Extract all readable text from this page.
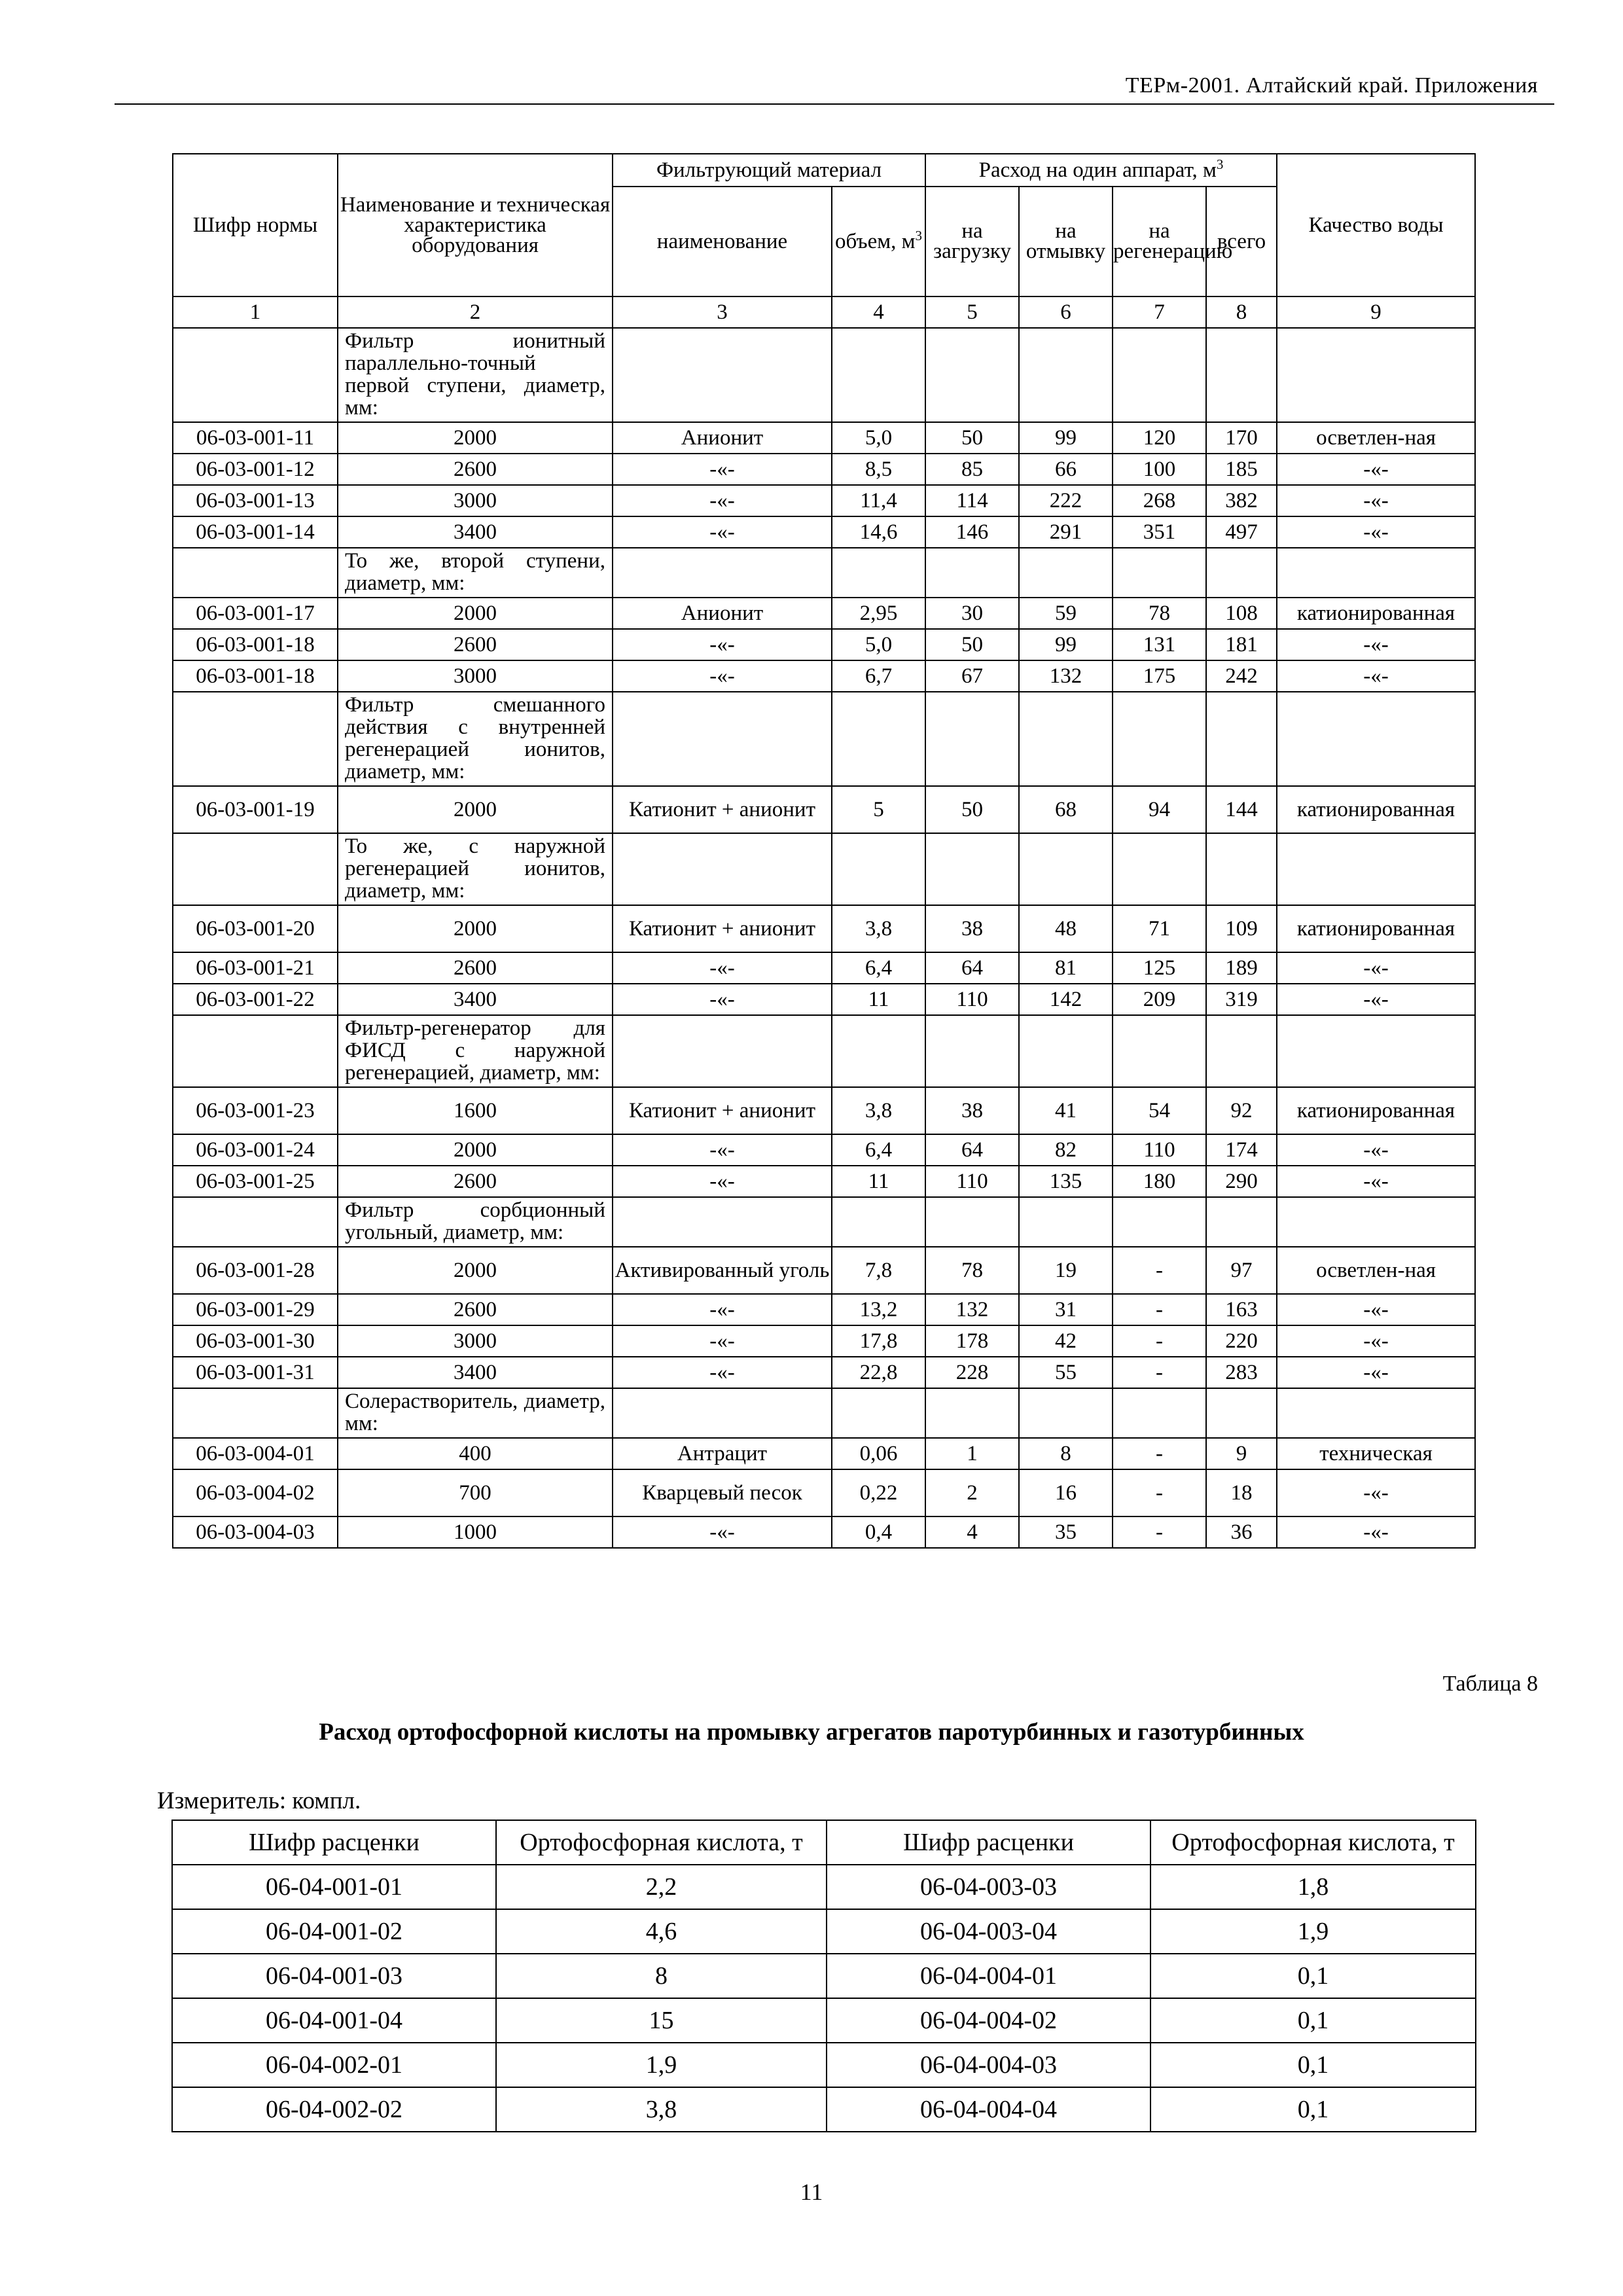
ТЕРм-2001. Алтайский край. Приложения
Шифр нормы	Наименование и техническая характеристика оборудования	Фильтрующий материал		Расход на один аппарат, $м^3$				Качество воды
		наименование	объем, $м^3$	на загрузку	на отмывку	на регенерацию	всего	
1	2	3	4	5	6	7	8	9
	Фильтр ионитный параллельно-точный первой ступени, диаметр, мм:							
06-03-001-11	2000	Анионит	5,0	50	99	120	170	осветлен-ная
06-03-001-12	2600	-«-	8,5	85	66	100	185	-«-
06-03-001-13	3000	-«-	11,4	114	222	268	382	-«-
06-03-001-14	3400	-«-	14,6	146	291	351	497	-«-
	То же, второй ступени, диаметр, мм:							
06-03-001-17	2000	Анионит	2,95	30	59	78	108	катионированная
06-03-001-18	2600	-«-	5,0	50	99	131	181	-«-
06-03-001-18	3000	-«-	6,7	67	132	175	242	-«-
	Фильтр смешанного действия с внутренней регенерацией ионитов, диаметр, мм:							
06-03-001-19	2000	Катионит + анионит	5	50	68	94	144	катионированная
	То же, с наружной регенерацией ионитов, диаметр, мм:							
06-03-001-20	2000	Катионит + анионит	3,8	38	48	71	109	катионированная
06-03-001-21	2600	-«-	6,4	64	81	125	189	-«-
06-03-001-22	3400	-«-	11	110	142	209	319	-«-
	Фильтр-регенератор для ФИСД с наружной регенерацией, диаметр, мм:							
06-03-001-23	1600	Катионит + анионит	3,8	38	41	54	92	катионированная
06-03-001-24	2000	-«-	6,4	64	82	110	174	-«-
06-03-001-25	2600	-«-	11	110	135	180	290	-«-
	Фильтр сорбционный угольный, диаметр, мм:							
06-03-001-28	2000	Активированный уголь	7,8	78	19	-	97	осветлен-ная
06-03-001-29	2600	-«-	13,2	132	31	-	163	-«-
06-03-001-30	3000	-«-	17,8	178	42	-	220	-«-
06-03-001-31	3400	-«-	22,8	228	55	-	283	-«-
	Солерастворитель, диаметр, мм:							
06-03-004-01	400	Антрацит	0,06	1	8	-	9	техническая
06-03-004-02	700	Кварцевый песок	0,22	2	16	-	18	-«-
06-03-004-03	1000	-«-	0,4	4	35	-	36	-«-
Таблица 8
Расход ортофосфорной кислоты на промывку агрегатов паротурбинных и газотурбинных
Измеритель: компл.
Шифр расценки	Ортофосфорная кислота, т	Шифр расценки	Ортофосфорная кислота, т
06-04-001-01	2,2	06-04-003-03	1,8
06-04-001-02	4,6	06-04-003-04	1,9
06-04-001-03	8	06-04-004-01	0,1
06-04-001-04	15	06-04-004-02	0,1
06-04-002-01	1,9	06-04-004-03	0,1
06-04-002-02	3,8	06-04-004-04	0,1
11
